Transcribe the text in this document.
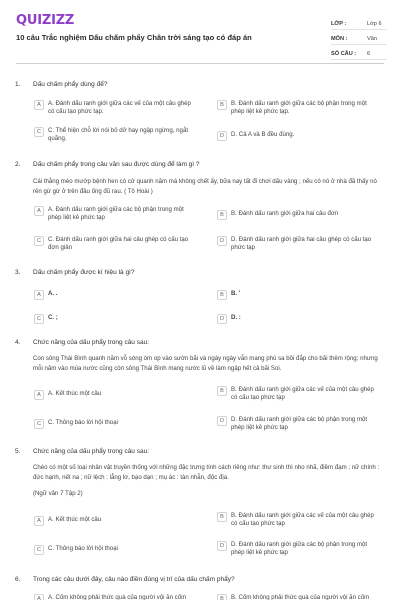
QUIZIZZ
10 câu Trắc nghiệm Dấu chấm phẩy Chân trời sáng tạo có đáp án
LỚP :	Lớp 6
MÔN :	Văn
SỐ CÂU :	6
1. Dấu chấm phẩy dùng để?
A	A. Đánh dấu ranh giới giữa các vế của một câu ghép có cấu tạo phức tạp.
B	B. Đánh dấu ranh giới giữa các bộ phận trong một phép liệt kê phức tạp.
C	C. Thể hiện chỗ lời nói bỏ dở hay ngập ngừng, ngắt quãng.	D	D. Cả A và B đều đúng.
2. Dấu chấm phẩy trong câu văn sau được dùng để làm gì ?
Cái thằng mèo mướp bệnh hen có cử quanh năm mà không chết ấy, bữa nay tất đi chơi dấu vàng ; nếu có nó ở nhà đã thấy nó rên gừ gừ ở trên đầu ống đũ rau. ( Tô Hoài )
A	A. Đánh dấu ranh giới giữa các bộ phận trong một phép liệt kê phức tạp	B	B. Đánh dấu ranh giới giữa hai câu đơn
C	C. Đánh dấu ranh giới giữa hai câu ghép có cấu tạo đơn giản
D	D. Đánh dấu ranh giới giữa hai câu ghép có cấu tạo phức tạp
3. Dấu chấm phẩy được kí hiệu là gì?
A	A. .	B	B. '
C	C. ;	D	D. :
4. Chức năng của dấu phẩy trong câu sau:
Con sông Thái Bình quanh năm vỗ sóng òm op vào sườn bãi và ngày ngày vẫn mang phù sa bồi đắp cho bãi thêm rộng; nhưng mỗi năm vào mùa nước cũng còn sông Thái Bình mang nước lũ về làm ngập hết cả bãi Soi.
A	A. Kết thúc một câu	B	B. Đánh dấu ranh giới giữa các vế của một câu ghép có cấu tạo phức tạp
C	C. Thông báo lời hội thoại	D	D. Đánh dấu ranh giới giữa các bộ phận trong một phép liệt kê phức tạp
5. Chức năng của dấu phẩy trong câu sau:
Chèo có một số loại nhân vật truyền thống với những đặc trưng tính cách riêng như: thư sinh thì nho nhã, điềm đạm ; nữ chính : đức hạnh, nết na ; nữ lệch : lẳng lơ, bạo dạn ; mụ ác : tàn nhẫn, độc địa.
(Ngữ văn 7 Tập 2)
A	A. Kết thúc một câu	B	B. Đánh dấu ranh giới giữa các vế của một câu ghép có cấu tạo phức tạp
C	C. Thông báo lời hội thoại	D	D. Đánh dấu ranh giới giữa các bộ phận trong một phép liệt kê phức tạp
6. Trong các câu dưới đây, câu nào điền đúng vị trí của dấu chấm phẩy?
A	A. Cốm không phải thức quà của người vội ăn cốm	B	B. Cốm không phải thức quà của người vội ăn cốm
